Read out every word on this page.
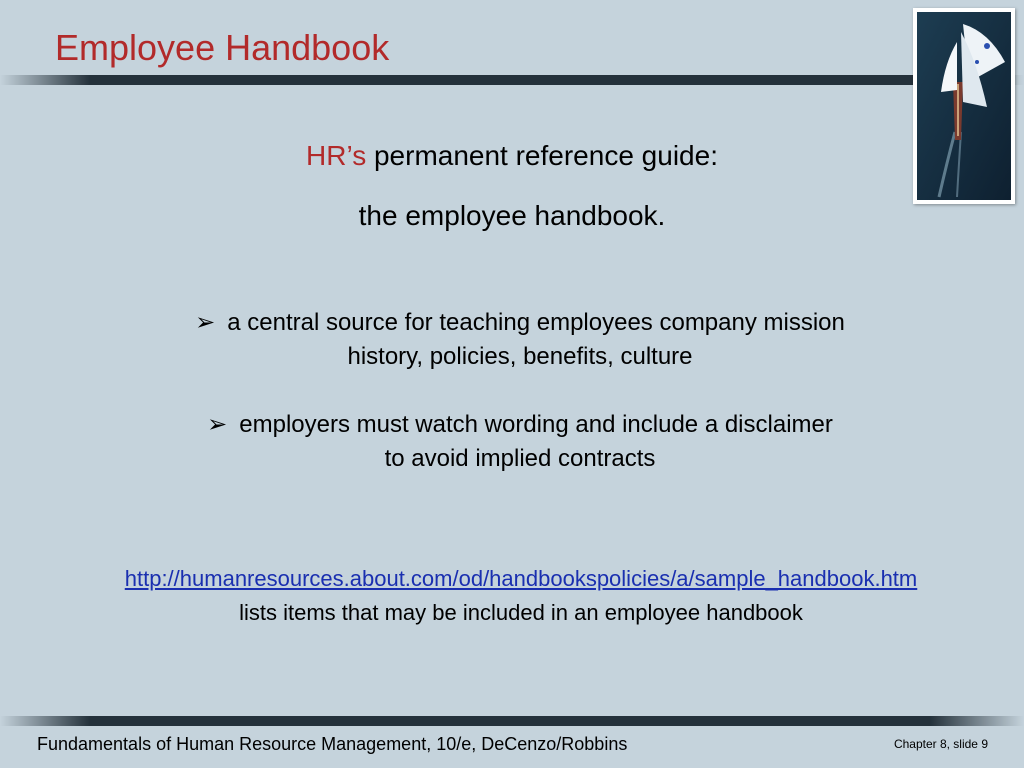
Employee Handbook
HR’s permanent reference guide:
the employee handbook.
➢ a central source for teaching employees company mission
history, policies, benefits, culture
➢ employers must watch wording and include a disclaimer
to avoid implied contracts
http://humanresources.about.com/od/handbookspolicies/a/sample_handbook.htm
lists items that may be included in an employee handbook
Fundamentals of Human Resource Management, 10/e, DeCenzo/Robbins	Chapter 8, slide 9
